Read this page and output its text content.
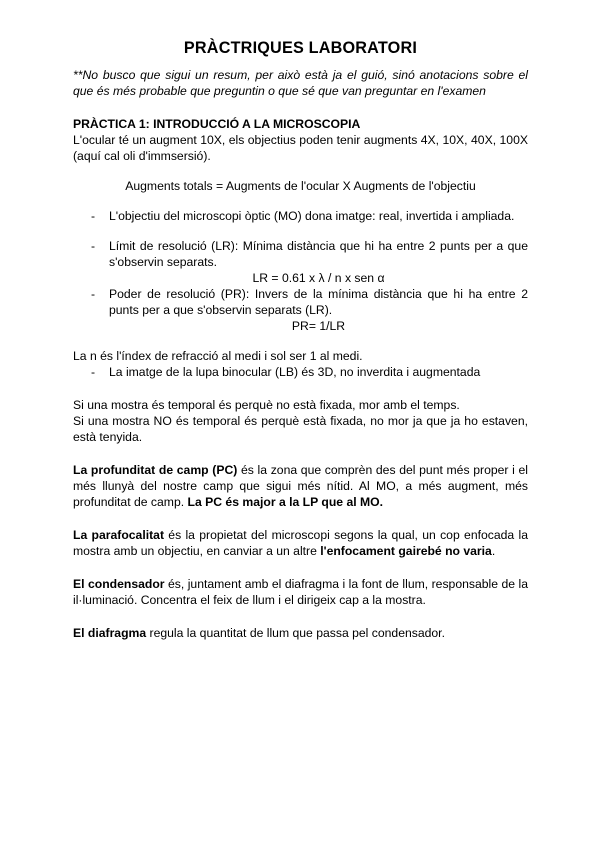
PRÀCTRIQUES LABORATORI

**No busco que sigui un resum, per això està ja el guió, sinó anotacions sobre el que és més probable que preguntin o que sé que van preguntar en l'examen

PRÀCTICA 1: INTRODUCCIÓ A LA MICROSCOPIA

L'ocular té un augment 10X, els objectius poden tenir augments 4X, 10X, 40X, 100X (aquí cal oli d'immsersió).

Augments totals = Augments de l'ocular X Augments de l'objectiu

- L'objectiu del microscopi òptic (MO) dona imatge: real, invertida i ampliada.
- Límit de resolució (LR): Mínima distància que hi ha entre 2 punts per a que s'observin separats.
LR = 0.61 x λ / n x sen α
- Poder de resolució (PR): Invers de la mínima distància que hi ha entre 2 punts per a que s'observin separats (LR).
PR= 1/LR

La n és l'índex de refracció al medi i sol ser 1 al medi.

- La imatge de la lupa binocular (LB) és 3D, no inverdita i augmentada

Si una mostra és temporal és perquè no està fixada, mor amb el temps.

Si una mostra NO és temporal és perquè està fixada, no mor ja que ja ho estaven, està tenyida.

La profunditat de camp (PC) és la zona que comprèn des del punt més proper i el més llunyà del nostre camp que sigui més nítid. Al MO, a més augment, més profunditat de camp. La PC és major a la LP que al MO.

La parafocalitat és la propietat del microscopi segons la qual, un cop enfocada la mostra amb un objectiu, en canviar a un altre l'enfocament gairebé no varia.

El condensador és, juntament amb el diafragma i la font de llum, responsable de la il·luminació. Concentra el feix de llum i el dirigeix cap a la mostra.

El diafragma regula la quantitat de llum que passa pel condensador.
